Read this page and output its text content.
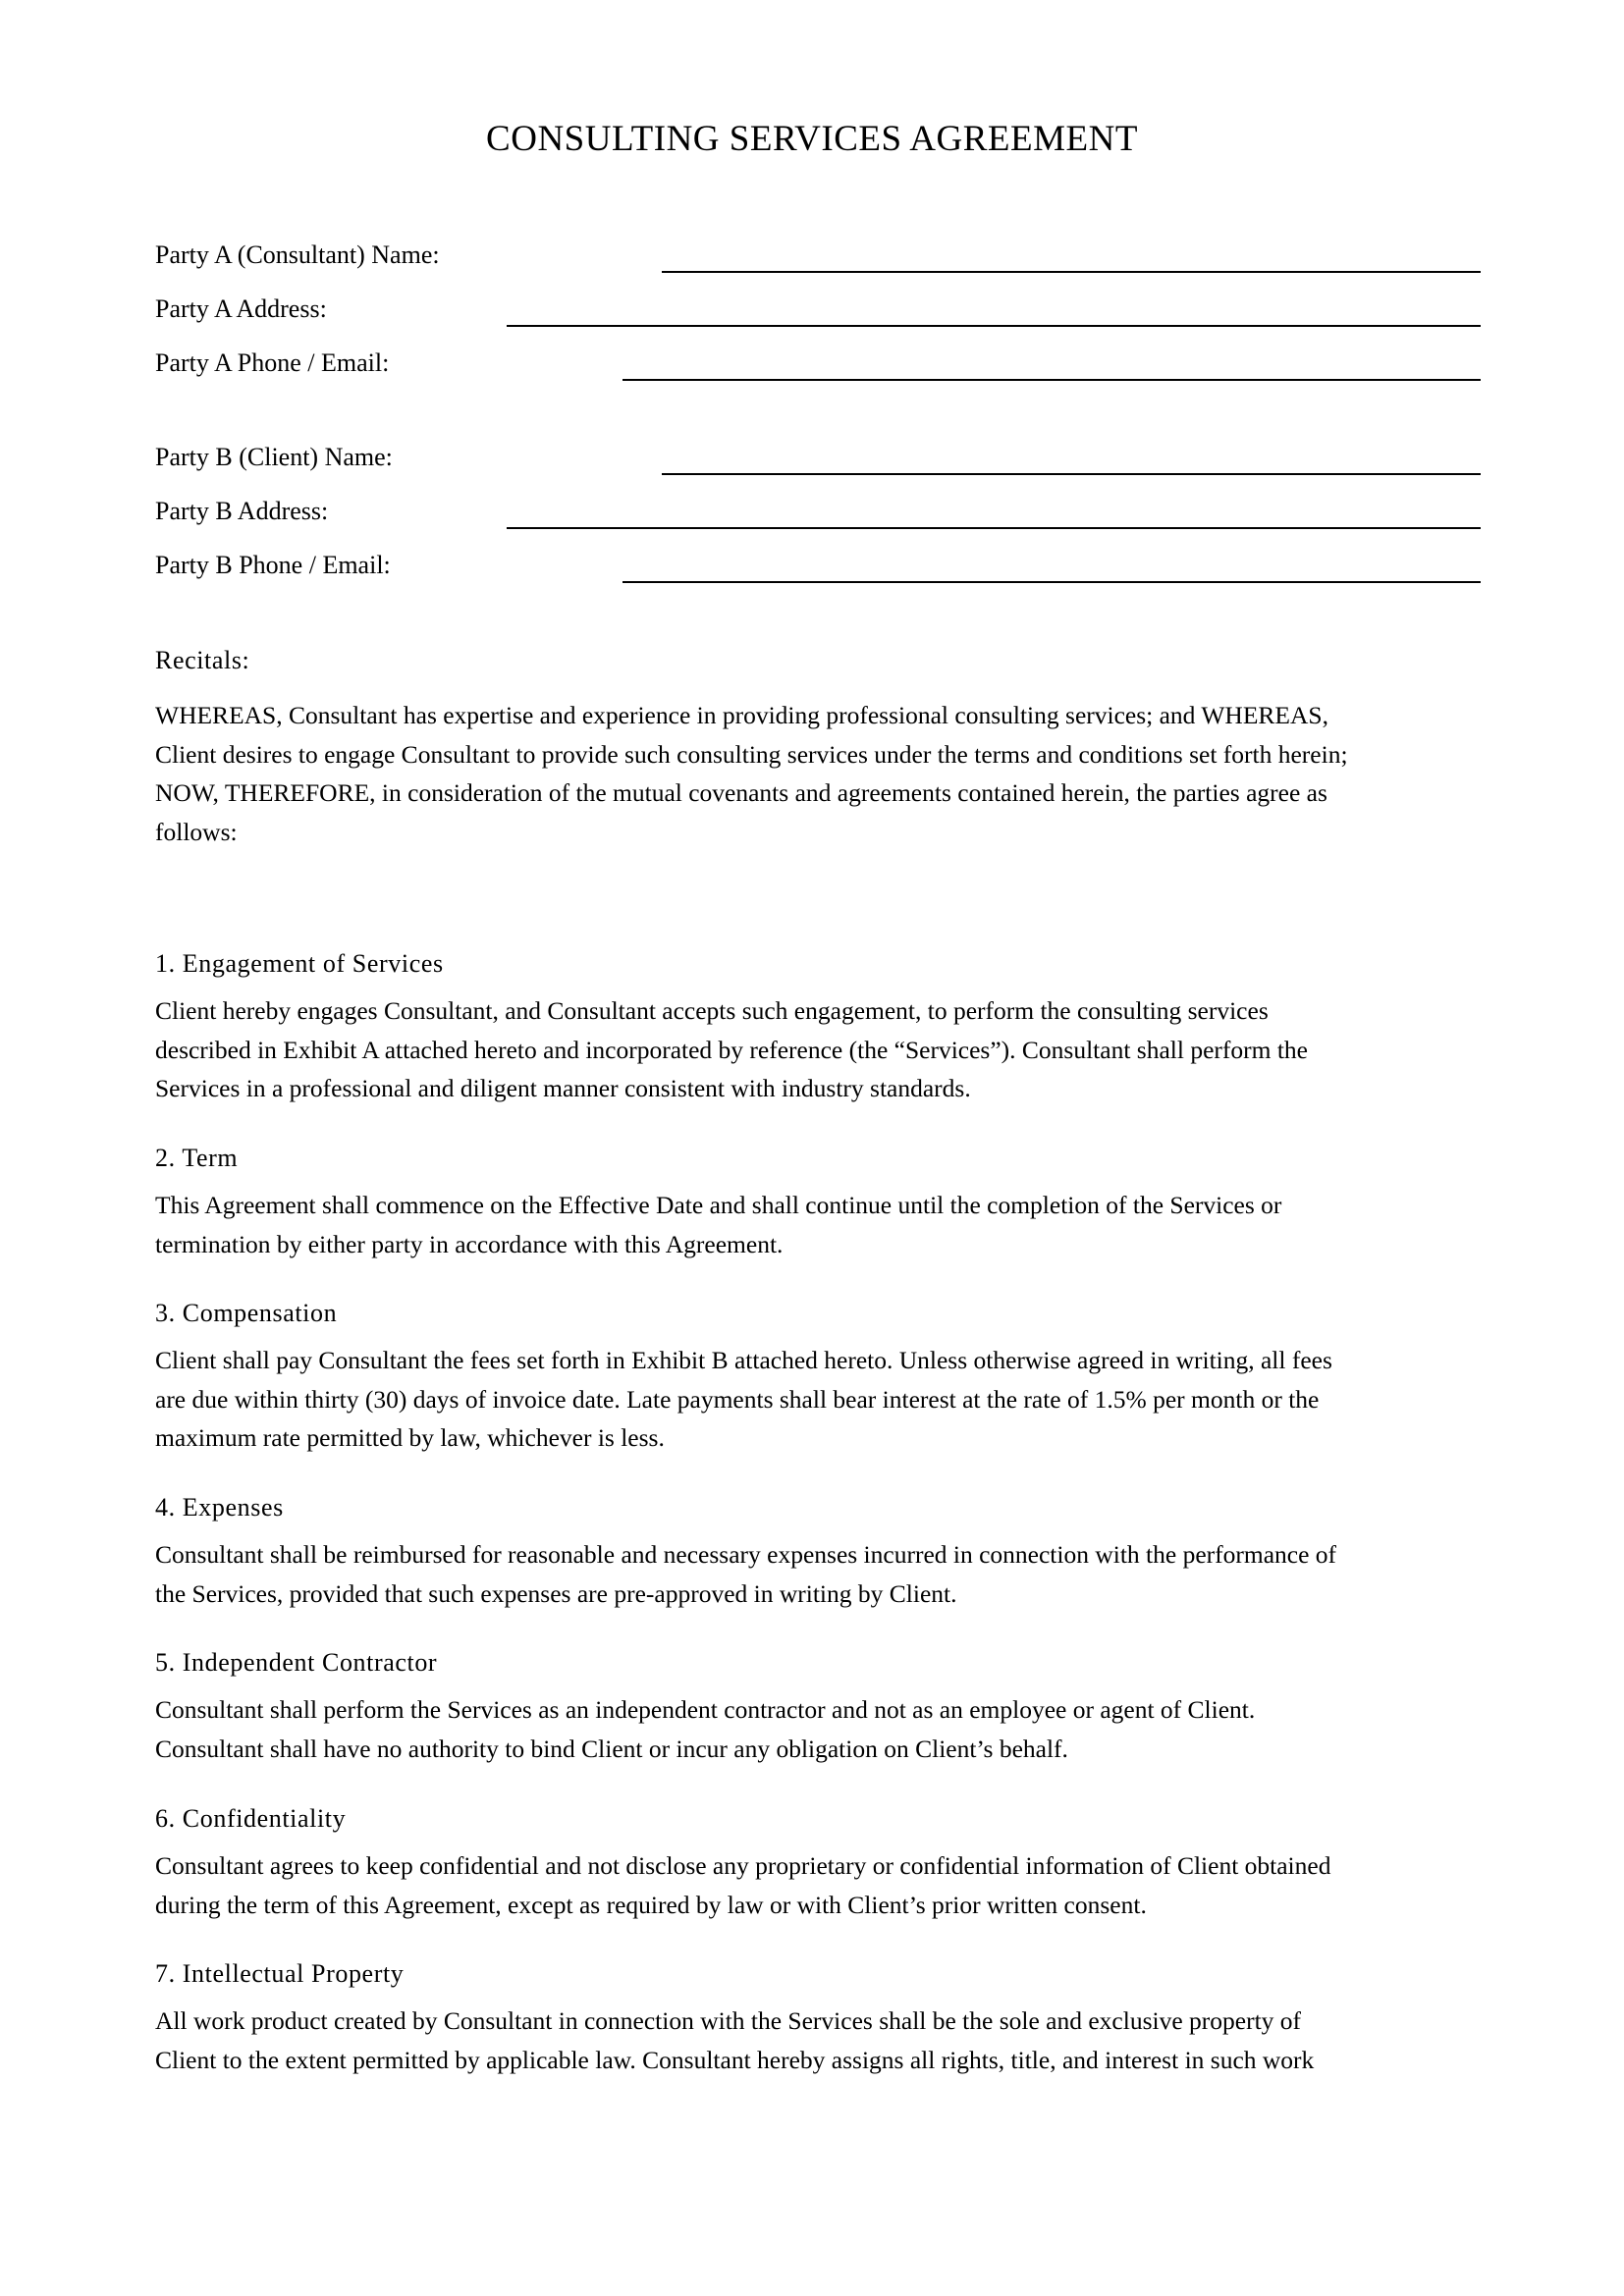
CONSULTING SERVICES AGREEMENT
Party A (Consultant) Name:
Party A Address:
Party A Phone / Email:
Party B (Client) Name:
Party B Address:
Party B Phone / Email:
Recitals:
WHEREAS, Consultant has expertise and experience in providing professional consulting services; and WHEREAS,
Client desires to engage Consultant to provide such consulting services under the terms and conditions set forth herein;
NOW, THEREFORE, in consideration of the mutual covenants and agreements contained herein, the parties agree as
follows:
1. Engagement of Services
Client hereby engages Consultant, and Consultant accepts such engagement, to perform the consulting services
described in Exhibit A attached hereto and incorporated by reference (the “Services”). Consultant shall perform the
Services in a professional and diligent manner consistent with industry standards.
2. Term
This Agreement shall commence on the Effective Date and shall continue until the completion of the Services or
termination by either party in accordance with this Agreement.
3. Compensation
Client shall pay Consultant the fees set forth in Exhibit B attached hereto. Unless otherwise agreed in writing, all fees
are due within thirty (30) days of invoice date. Late payments shall bear interest at the rate of 1.5% per month or the
maximum rate permitted by law, whichever is less.
4. Expenses
Consultant shall be reimbursed for reasonable and necessary expenses incurred in connection with the performance of
the Services, provided that such expenses are pre-approved in writing by Client.
5. Independent Contractor
Consultant shall perform the Services as an independent contractor and not as an employee or agent of Client.
Consultant shall have no authority to bind Client or incur any obligation on Client’s behalf.
6. Confidentiality
Consultant agrees to keep confidential and not disclose any proprietary or confidential information of Client obtained
during the term of this Agreement, except as required by law or with Client’s prior written consent.
7. Intellectual Property
All work product created by Consultant in connection with the Services shall be the sole and exclusive property of
Client to the extent permitted by applicable law. Consultant hereby assigns all rights, title, and interest in such work
